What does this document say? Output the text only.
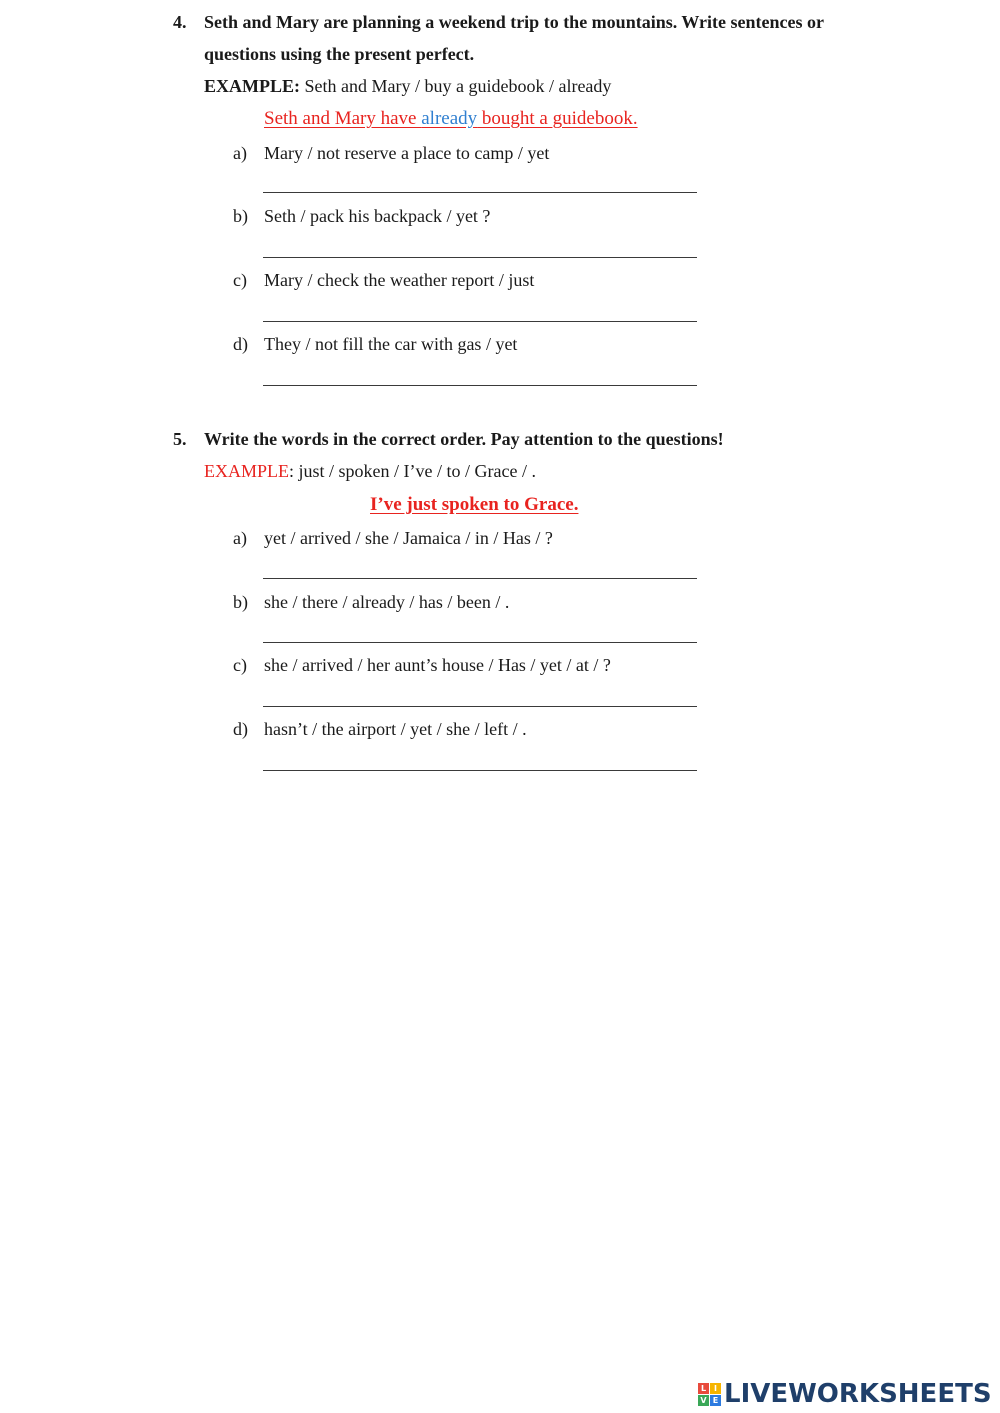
4. Seth and Mary are planning a weekend trip to the mountains. Write sentences or
questions using the present perfect.
EXAMPLE: Seth and Mary / buy a guidebook / already
Seth and Mary have already bought a guidebook.
a) Mary / not reserve a place to camp / yet
b) Seth / pack his backpack / yet ?
c) Mary / check the weather report / just
d) They / not fill the car with gas / yet
5. Write the words in the correct order. Pay attention to the questions!
EXAMPLE: just / spoken / I’ve / to / Grace / .
I’ve just spoken to Grace.
a) yet / arrived / she / Jamaica / in / Has / ?
b) she / there / already / has / been / .
c) she / arrived / her aunt’s house / Has / yet / at / ?
d) hasn’t / the airport / yet / she / left / .
L I
V E LIVEWORKSHEETS
